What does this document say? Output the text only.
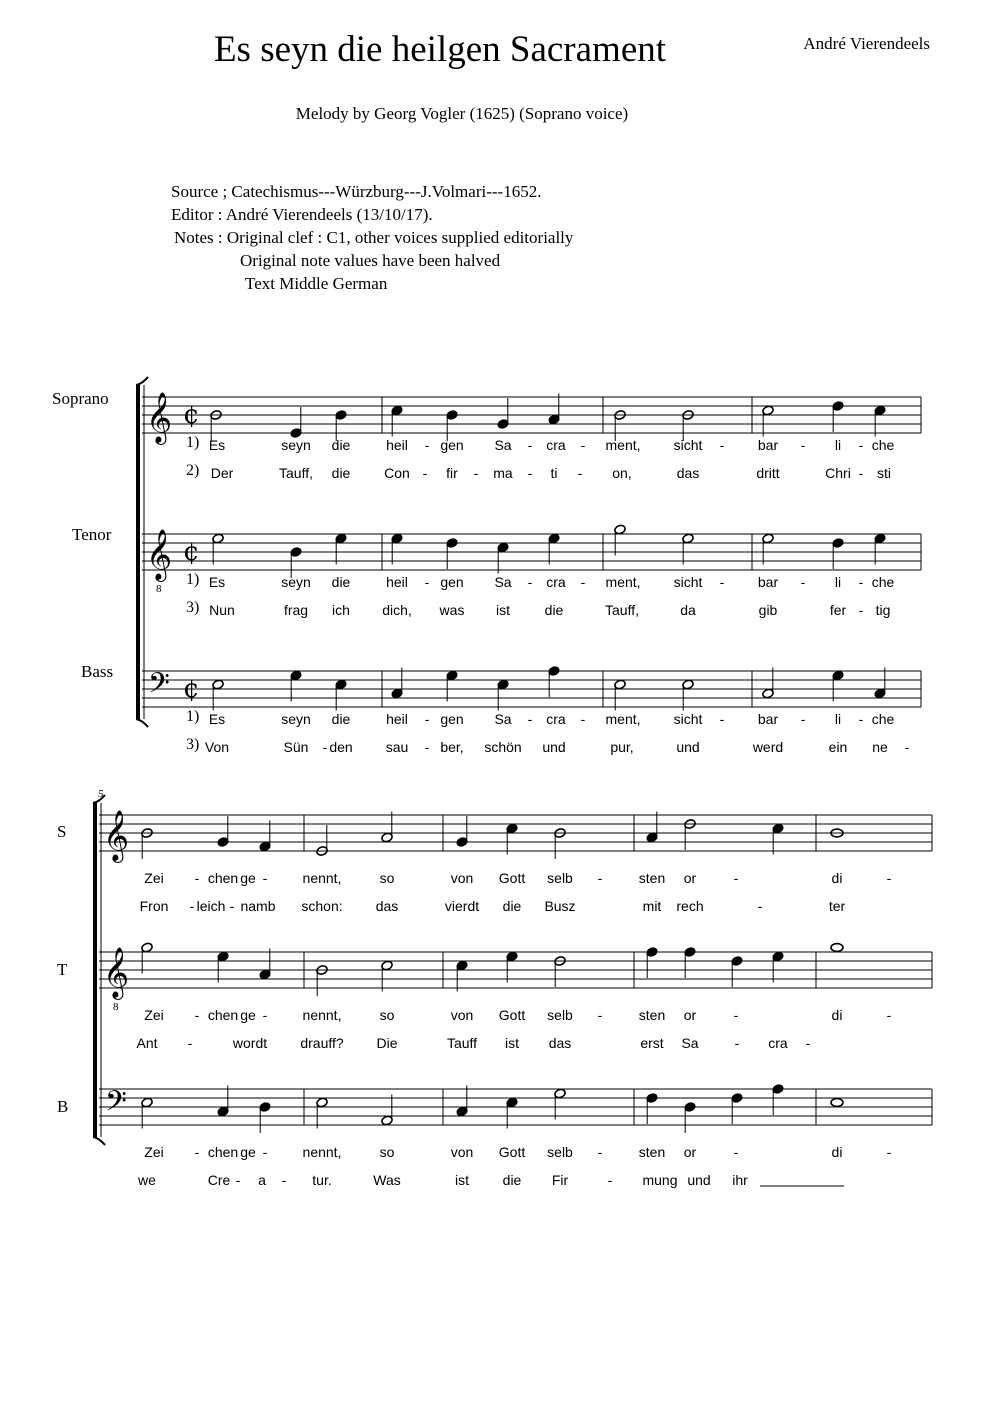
Es seyn die heilgen Sacrament	André Vierendeels
Melody by Georg Vogler (1625) (Soprano voice)
Source ; Catechismus---Würzburg---J.Volmari---1652.
Editor : André Vierendeels (13/10/17).
Notes : Original clef : C1, other voices supplied editorially
Original note values have been halved
Text Middle German
Soprano
Tenor
Bass
S
T
B
5
𝄞 ¢
𝄞
8
¢
𝄢 ¢
𝄞
𝄞
8
𝄢
1) Es	seyn die	heil - gen Sa - cra - ment, sicht - bar - li - che
1) Es	seyn die	heil - gen Sa - cra - ment, sicht - bar - li - che
1) Es	seyn die	heil - gen Sa - cra - ment, sicht - bar - li - che
2) Der	Tauff, die Con - fir - ma - ti - on,	das	dritt	Chri - sti
3) Nun	frag ich dich, was ist die	Tauff,	da	gib	fer - tig
3) Von	Sün - den sau - ber, schön und	pur,	und	werd	ein ne -
Zei - chen ge -	nennt,	so	von Gott selb -	sten or	-	di	-
Zei - chen ge -	nennt,	so	von Gott selb -	sten or	-	di	-
Zei - chen ge -	nennt,	so	von Gott selb -	sten or	-	di	-
Fron - leich - namb schon: das	vierdt die Busz	mit rech	-	ter
Ant -	wordt drauff? Die	Tauff ist das	erst Sa	- cra -
we	Cre - a - tur.	Was	ist die Fir	- mung und ihr
